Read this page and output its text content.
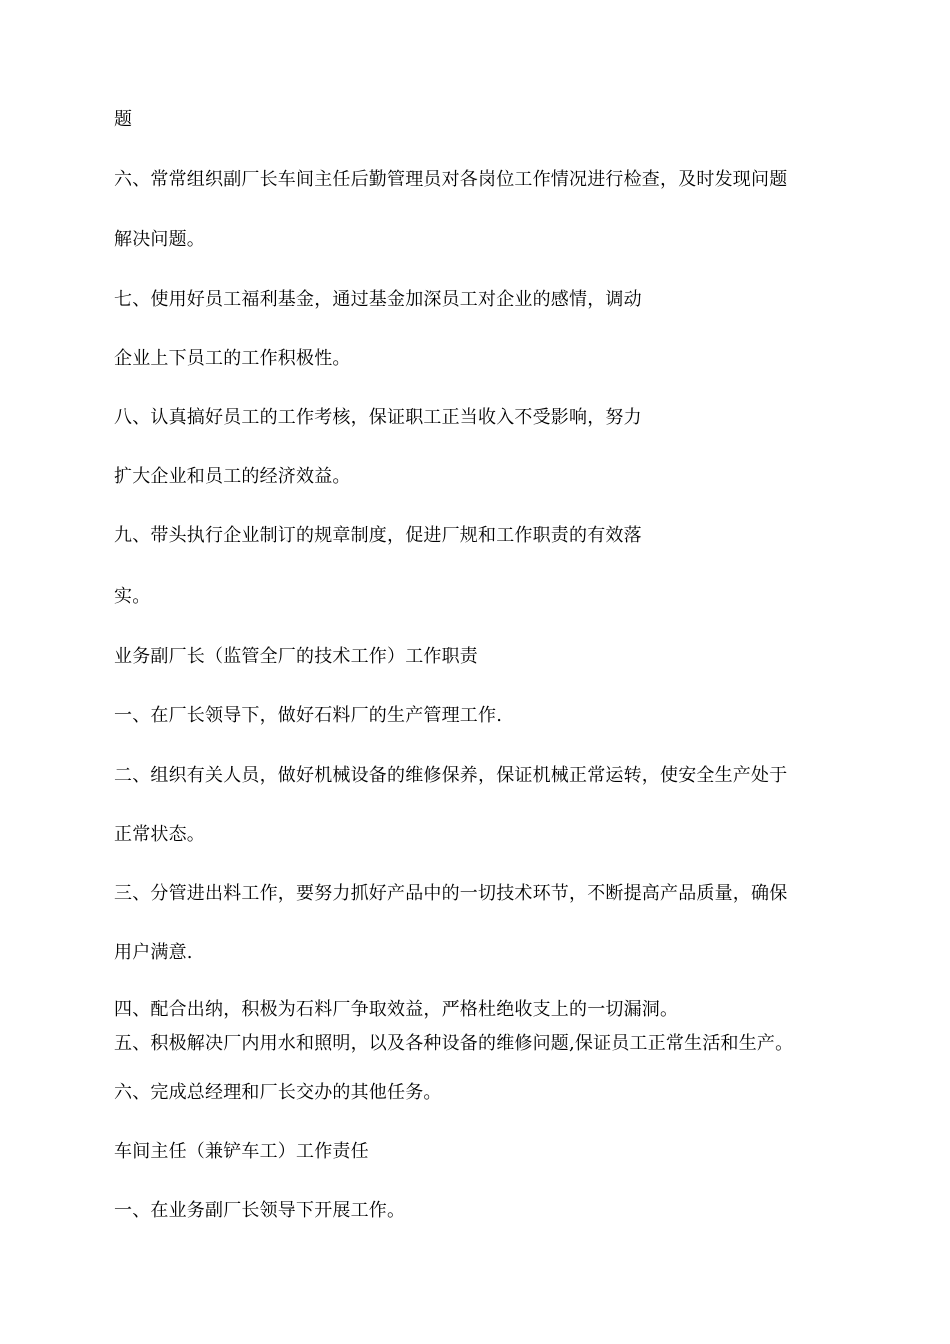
题
六、常常组织副厂长车间主任后勤管理员对各岗位工作情况进行检查，及时发现问题
解决问题。
七、使用好员工福利基金，通过基金加深员工对企业的感情，调动
企业上下员工的工作积极性。
八、认真搞好员工的工作考核，保证职工正当收入不受影响，努力
扩大企业和员工的经济效益。
九、带头执行企业制订的规章制度，促进厂规和工作职责的有效落
实。
业务副厂长（监管全厂的技术工作）工作职责
一、在厂长领导下，做好石料厂的生产管理工作.
二、组织有关人员，做好机械设备的维修保养，保证机械正常运转，使安全生产处于
正常状态。
三、分管进出料工作，要努力抓好产品中的一切技术环节，不断提高产品质量，确保
用户满意.
四、配合出纳，积极为石料厂争取效益，严格杜绝收支上的一切漏洞。
五、积极解决厂内用水和照明，以及各种设备的维修问题,保证员工正常生活和生产。
六、完成总经理和厂长交办的其他任务。
车间主任（兼铲车工）工作责任
一、在业务副厂长领导下开展工作。
